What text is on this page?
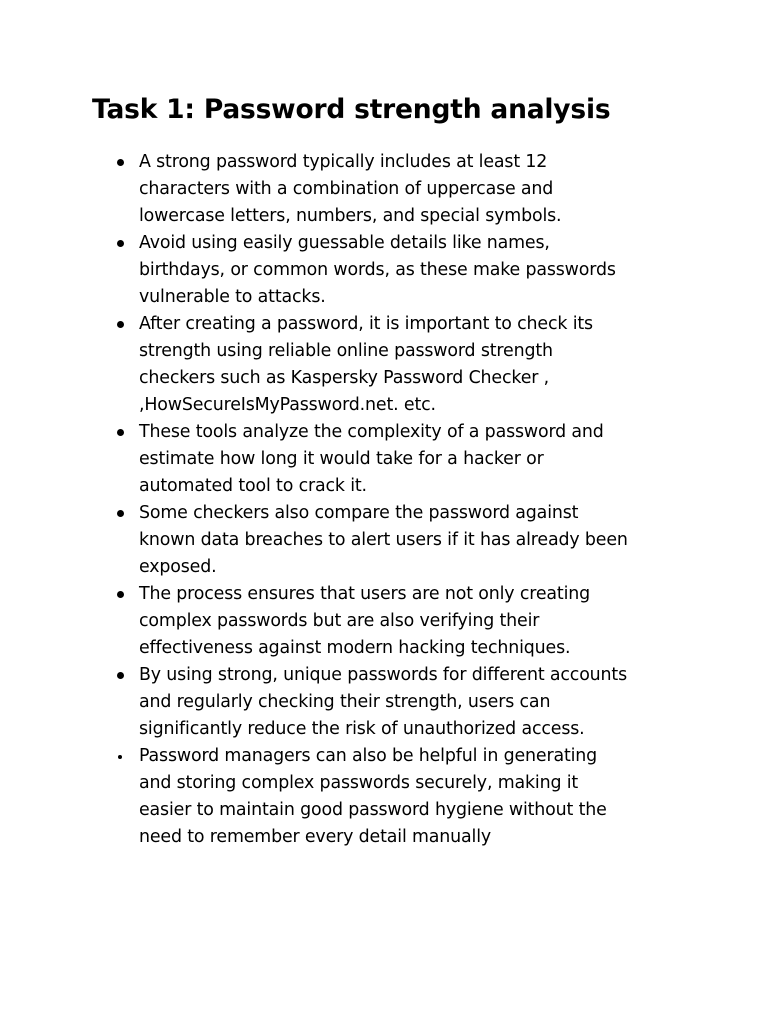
Task 1: Password strength analysis
A strong password typically includes at least 12
characters with a combination of uppercase and
lowercase letters, numbers, and special symbols.
Avoid using easily guessable details like names,
birthdays, or common words, as these make passwords
vulnerable to attacks.
After creating a password, it is important to check its
strength using reliable online password strength
checkers such as Kaspersky Password Checker ,
,HowSecureIsMyPassword.net. etc.
These tools analyze the complexity of a password and
estimate how long it would take for a hacker or
automated tool to crack it.
Some checkers also compare the password against
known data breaches to alert users if it has already been
exposed.
The process ensures that users are not only creating
complex passwords but are also verifying their
effectiveness against modern hacking techniques.
By using strong, unique passwords for different accounts
and regularly checking their strength, users can
significantly reduce the risk of unauthorized access.
Password managers can also be helpful in generating
and storing complex passwords securely, making it
easier to maintain good password hygiene without the
need to remember every detail manually
